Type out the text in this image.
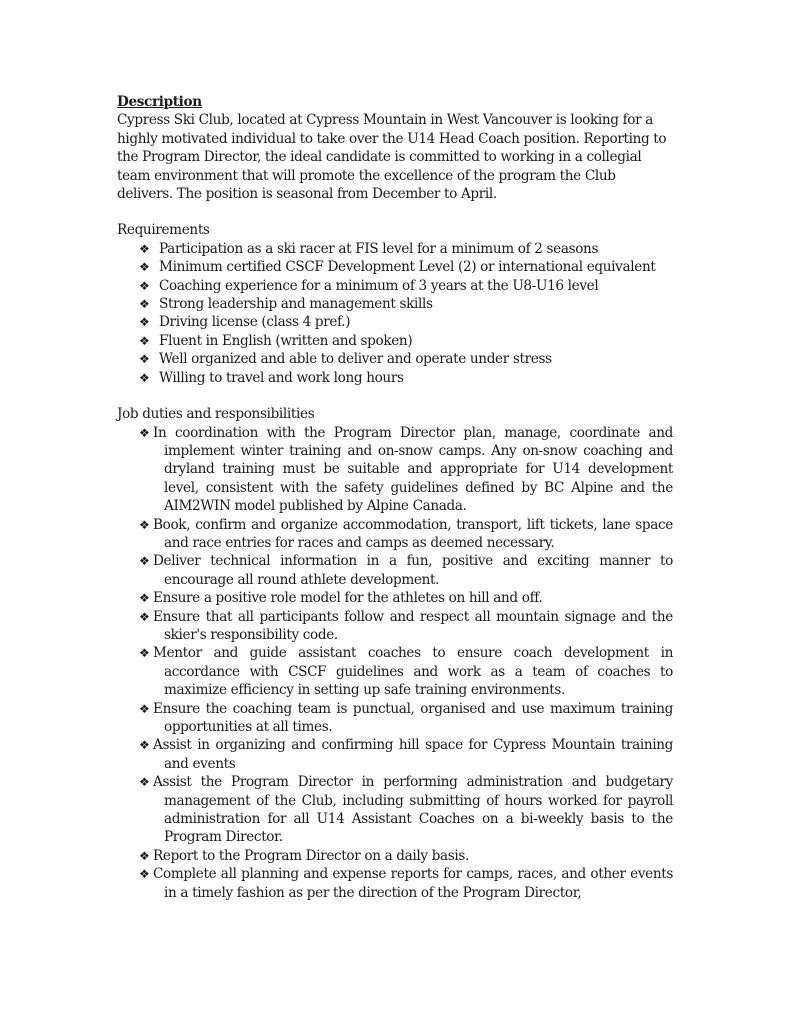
Description

Cypress Ski Club, located at Cypress Mountain in West Vancouver is looking for a highly motivated individual to take over the U14 Head Coach position. Reporting to the Program Director, the ideal candidate is committed to working in a collegial team environment that will promote the excellence of the program the Club delivers. The position is seasonal from December to April.

Requirements

❖ Participation as a ski racer at FIS level for a minimum of 2 seasons
❖ Minimum certified CSCF Development Level (2) or international equivalent
❖ Coaching experience for a minimum of 3 years at the U8-U16 level
❖ Strong leadership and management skills
❖ Driving license (class 4 pref.)
❖ Fluent in English (written and spoken)
❖ Well organized and able to deliver and operate under stress
❖ Willing to travel and work long hours

Job duties and responsibilities

❖ In coordination with the Program Director plan, manage, coordinate and implement winter training and on-snow camps. Any on-snow coaching and dryland training must be suitable and appropriate for U14 development level, consistent with the safety guidelines defined by BC Alpine and the AIM2WIN model published by Alpine Canada.
❖ Book, confirm and organize accommodation, transport, lift tickets, lane space and race entries for races and camps as deemed necessary.
❖ Deliver technical information in a fun, positive and exciting manner to encourage all round athlete development.
❖ Ensure a positive role model for the athletes on hill and off.
❖ Ensure that all participants follow and respect all mountain signage and the skier's responsibility code.
❖ Mentor and guide assistant coaches to ensure coach development in accordance with CSCF guidelines and work as a team of coaches to maximize efficiency in setting up safe training environments.
❖ Ensure the coaching team is punctual, organised and use maximum training opportunities at all times.
❖ Assist in organizing and confirming hill space for Cypress Mountain training and events
❖ Assist the Program Director in performing administration and budgetary management of the Club, including submitting of hours worked for payroll administration for all U14 Assistant Coaches on a bi-weekly basis to the Program Director.
❖ Report to the Program Director on a daily basis.
❖ Complete all planning and expense reports for camps, races, and other events in a timely fashion as per the direction of the Program Director,
